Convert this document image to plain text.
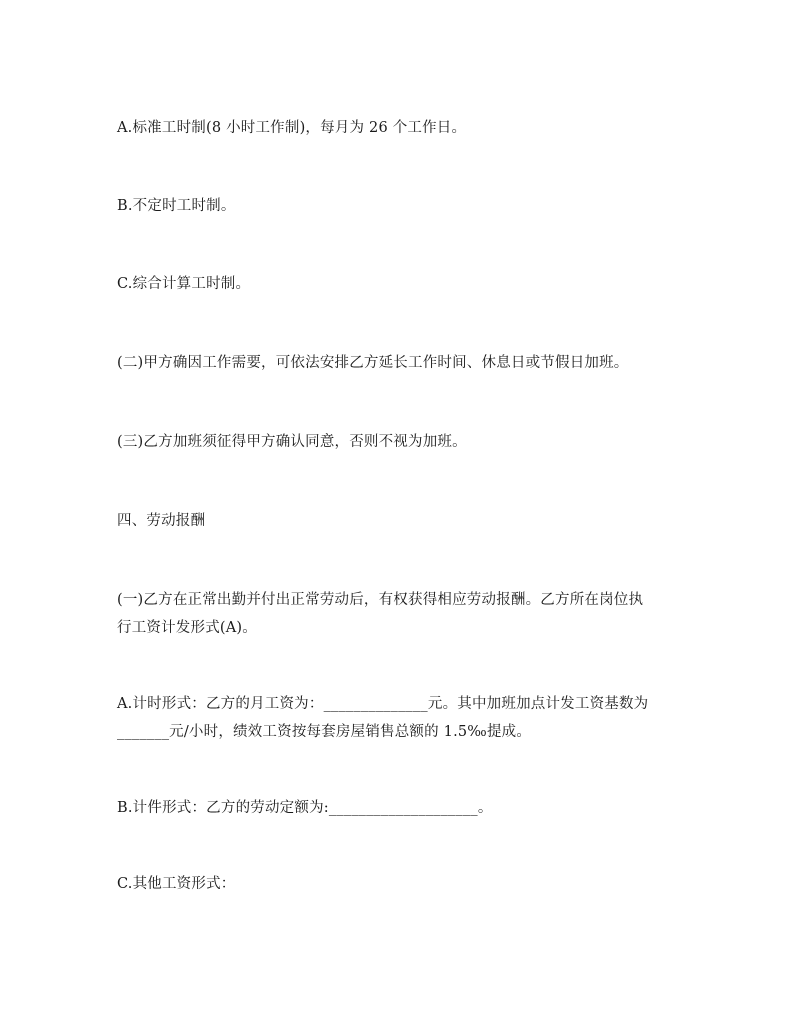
A.标准工时制(8 小时工作制)，每月为 26 个工作日。

B.不定时工时制。

C.综合计算工时制。

(二)甲方确因工作需要，可依法安排乙方延长工作时间、休息日或节假日加班。

(三)乙方加班须征得甲方确认同意，否则不视为加班。

四、劳动报酬

(一)乙方在正常出勤并付出正常劳动后，有权获得相应劳动报酬。乙方所在岗位执
行工资计发形式(A)。

A.计时形式：乙方的月工资为：______________元。其中加班加点计发工资基数为
_______元/小时，绩效工资按每套房屋销售总额的 1.5‰提成。

B.计件形式：乙方的劳动定额为:____________________。

C.其他工资形式：
